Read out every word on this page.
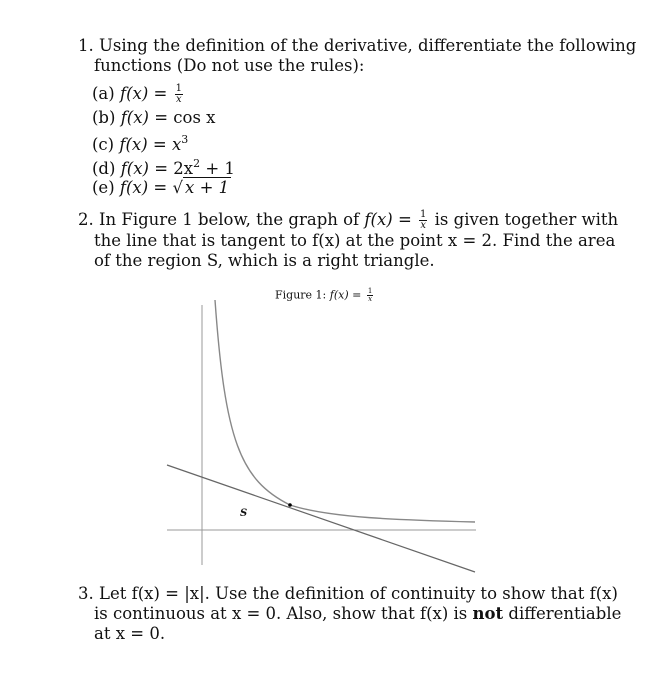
1. Using the definition of the derivative, differentiate the following
functions (Do not use the rules):
(a) $f(x) = \frac{1}{x}$
(b) f(x) = cos x
(c) $f(x) = x^3$
(d) $f(x) = 2x^2 + 1$
(e) f(x) = √ x + 1
2. In Figure 1 below, the graph of $f(x) = \frac{1}{x}$ is given together with
the line that is tangent to f(x) at the point x = 2. Find the area
of the region S, which is a right triangle.
Figure 1: $f(x) = \frac{1}{x}$
S
3. Let f(x) = |x|. Use the definition of continuity to show that f(x)
is continuous at x = 0. Also, show that f(x) is not differentiable
at x = 0.
